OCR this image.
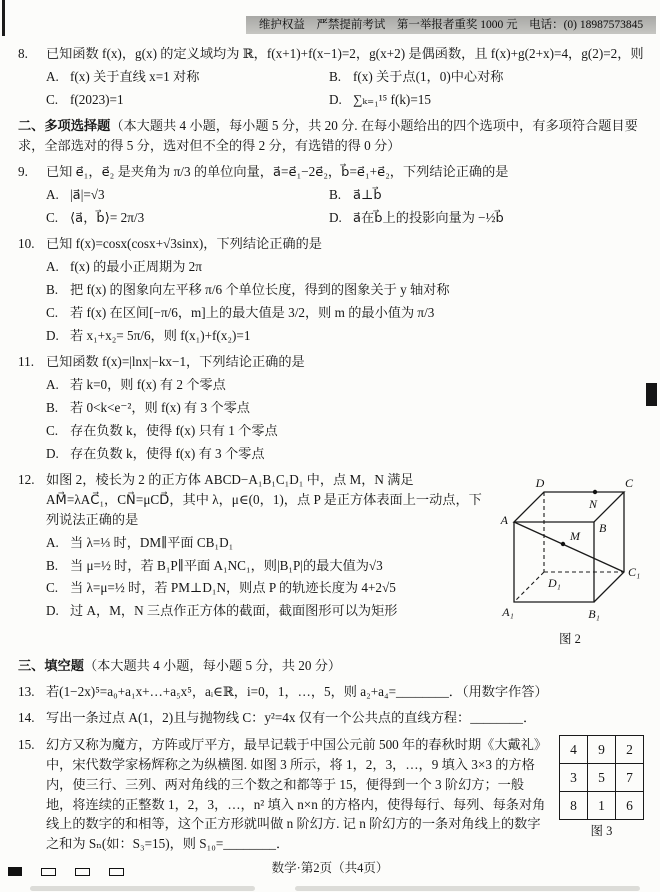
维护权益　严禁提前考试　第一举报者重奖 1000 元　电话：(0) 18987573845
8.	已知函数 f(x)，g(x) 的定义域均为 ℝ，f(x+1)+f(x−1)=2，g(x+2) 是偶函数，且 f(x)+g(2+x)=4，g(2)=2，则
A. f(x) 关于直线 x=1 对称	B. f(x) 关于点(1，0)中心对称
C. f(2023)=1	D. ∑ₖ₌₁¹⁵ f(k)=15
二、多项选择题（本大题共 4 小题，每小题 5 分，共 20 分. 在每小题给出的四个选项中，有多项符合题目要求，全部选对的得 5 分，选对但不全的得 2 分，有选错的得 0 分）
9.	已知 e⃗₁，e⃗₂ 是夹角为 π/3 的单位向量，a⃗=e⃗₁−2e⃗₂，b⃗=e⃗₁+e⃗₂，下列结论正确的是
A. |a⃗|=√3	B. a⃗⊥b⃗
C. ⟨a⃗，b⃗⟩= 2π/3	D. a⃗在b⃗上的投影向量为 −½b⃗
10. 已知 f(x)=cosx(cosx+√3sinx)，下列结论正确的是
A. f(x) 的最小正周期为 2π
B. 把 f(x) 的图象向左平移 π/6 个单位长度，得到的图象关于 y 轴对称
C. 若 f(x) 在区间[−π/6，m]上的最大值是 3/2，则 m 的最小值为 π/3
D. 若 x₁+x₂= 5π/6，则 f(x₁)+f(x₂)=1
11. 已知函数 f(x)=|lnx|−kx−1，下列结论正确的是
A. 若 k=0，则 f(x) 有 2 个零点
B. 若 0<k<e⁻²，则 f(x) 有 3 个零点
C. 存在负数 k，使得 f(x) 只有 1 个零点
D. 存在负数 k，使得 f(x) 有 3 个零点
12.	D	C
A
B
D₁
C₁
A₁	B₁
M
N
图 2
如图 2，棱长为 2 的正方体 ABCD−A₁B₁C₁D₁ 中，点 M，N 满足 AM⃗=λAC⃗₁，CN⃗=μCD⃗，其中 λ，μ∈(0，1)，点 P 是正方体表面上一动点，下列说法正确的是
A. 当 λ=⅓ 时，DM∥平面 CB₁D₁
B. 当 μ=½ 时，若 B₁P∥平面 A₁NC₁，则|B₁P|的最大值为√3
C. 当 λ=μ=½ 时，若 PM⊥D₁N，则点 P 的轨迹长度为 4+2√5
D. 过 A，M，N 三点作正方体的截面，截面图形可以为矩形
三、填空题（本大题共 4 小题，每小题 5 分，共 20 分）
13. 若(1−2x)⁵=a₀+a₁x+…+a₅x⁵，aᵢ∈ℝ，i=0，1，…，5，则 a₂+a₄=________．（用数字作答）
14. 写出一条过点 A(1，2)且与抛物线 C：y²=4x 仅有一个公共点的直线方程：________．
15.	4	9	2
3	5	7
8	1	6
图 3
幻方又称为魔方，方阵或厅平方，最早记载于中国公元前 500 年的春秋时期《大戴礼》中，宋代数学家杨辉称之为纵横图. 如图 3 所示，将 1，2，3，…，9 填入 3×3 的方格内，使三行、三列、两对角线的三个数之和都等于 15，便得到一个 3 阶幻方；一般地，将连续的正整数 1，2，3，…，n² 填入 n×n 的方格内，使得每行、每列、每条对角线上的数字的和相等，这个正方形就叫做 n 阶幻方. 记 n 阶幻方的一条对角线上的数字之和为 Sₙ(如：S₃=15)，则 S₁₀=________．
数学·第2页（共4页）
